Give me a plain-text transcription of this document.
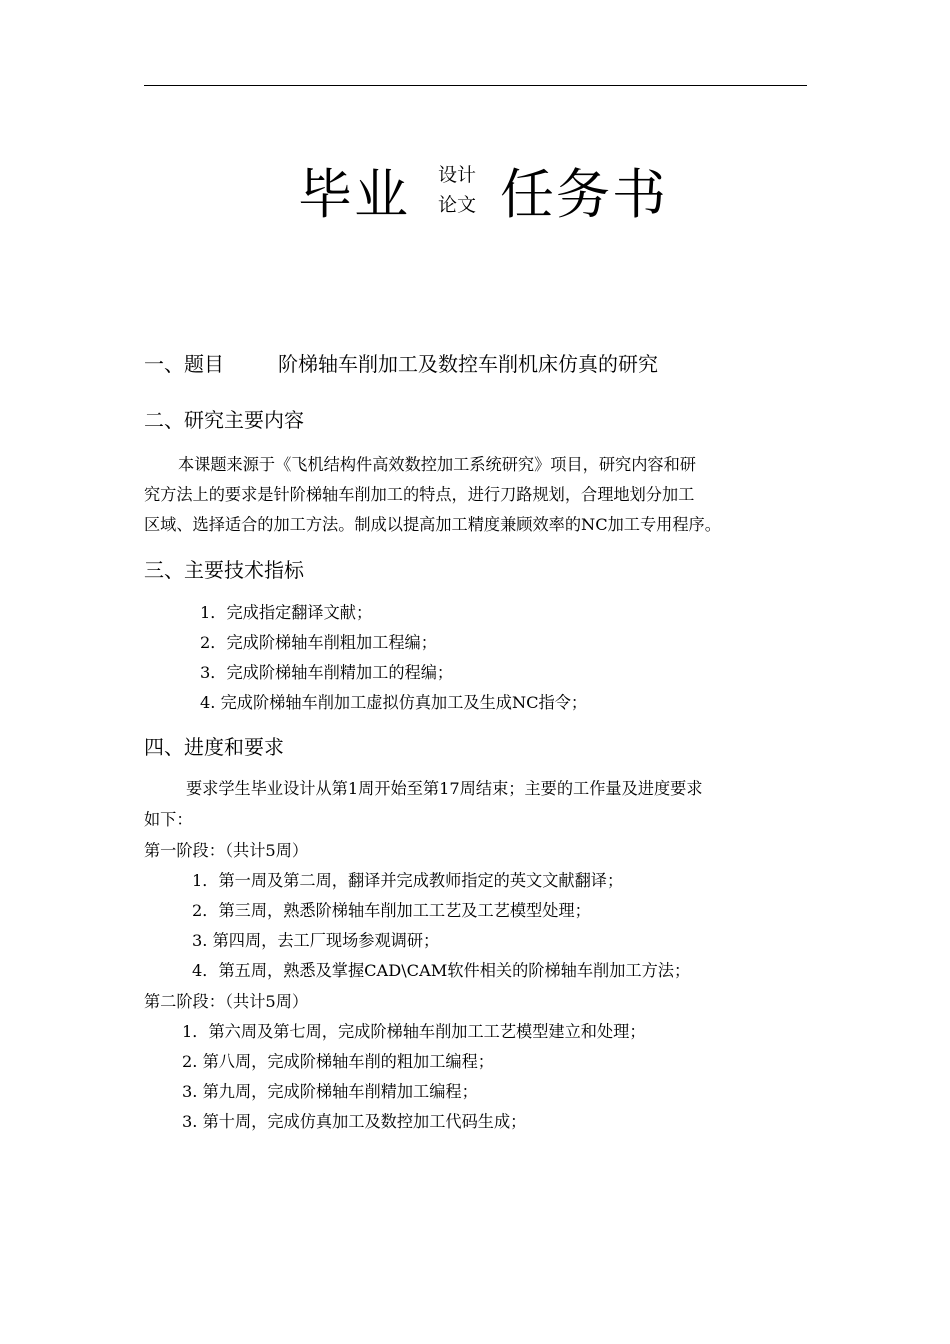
毕业 设计
论文 任务书
一、题目	阶梯轴车削加工及数控车削机床仿真的研究
二、研究主要内容
本课题来源于《飞机结构件高效数控加工系统研究》项目，研究内容和研
究方法上的要求是针阶梯轴车削加工的特点，进行刀路规划，合理地划分加工
区域、选择适合的加工方法。制成以提高加工精度兼顾效率的NC加工专用程序。
三、主要技术指标
1．完成指定翻译文献；
2．完成阶梯轴车削粗加工程编；
3．完成阶梯轴车削精加工的程编；
4. 完成阶梯轴车削加工虚拟仿真加工及生成NC指令；
四、进度和要求
要求学生毕业设计从第1周开始至第17周结束；主要的工作量及进度要求
如下：
第一阶段：（共计5周）
1．第一周及第二周，翻译并完成教师指定的英文文献翻译；
2．第三周，熟悉阶梯轴车削加工工艺及工艺模型处理；
3. 第四周，去工厂现场参观调研；
4．第五周，熟悉及掌握CAD\CAM软件相关的阶梯轴车削加工方法；
第二阶段：（共计5周）
1．第六周及第七周，完成阶梯轴车削加工工艺模型建立和处理；
2. 第八周，完成阶梯轴车削的粗加工编程；
3. 第九周，完成阶梯轴车削精加工编程；
3. 第十周，完成仿真加工及数控加工代码生成；
